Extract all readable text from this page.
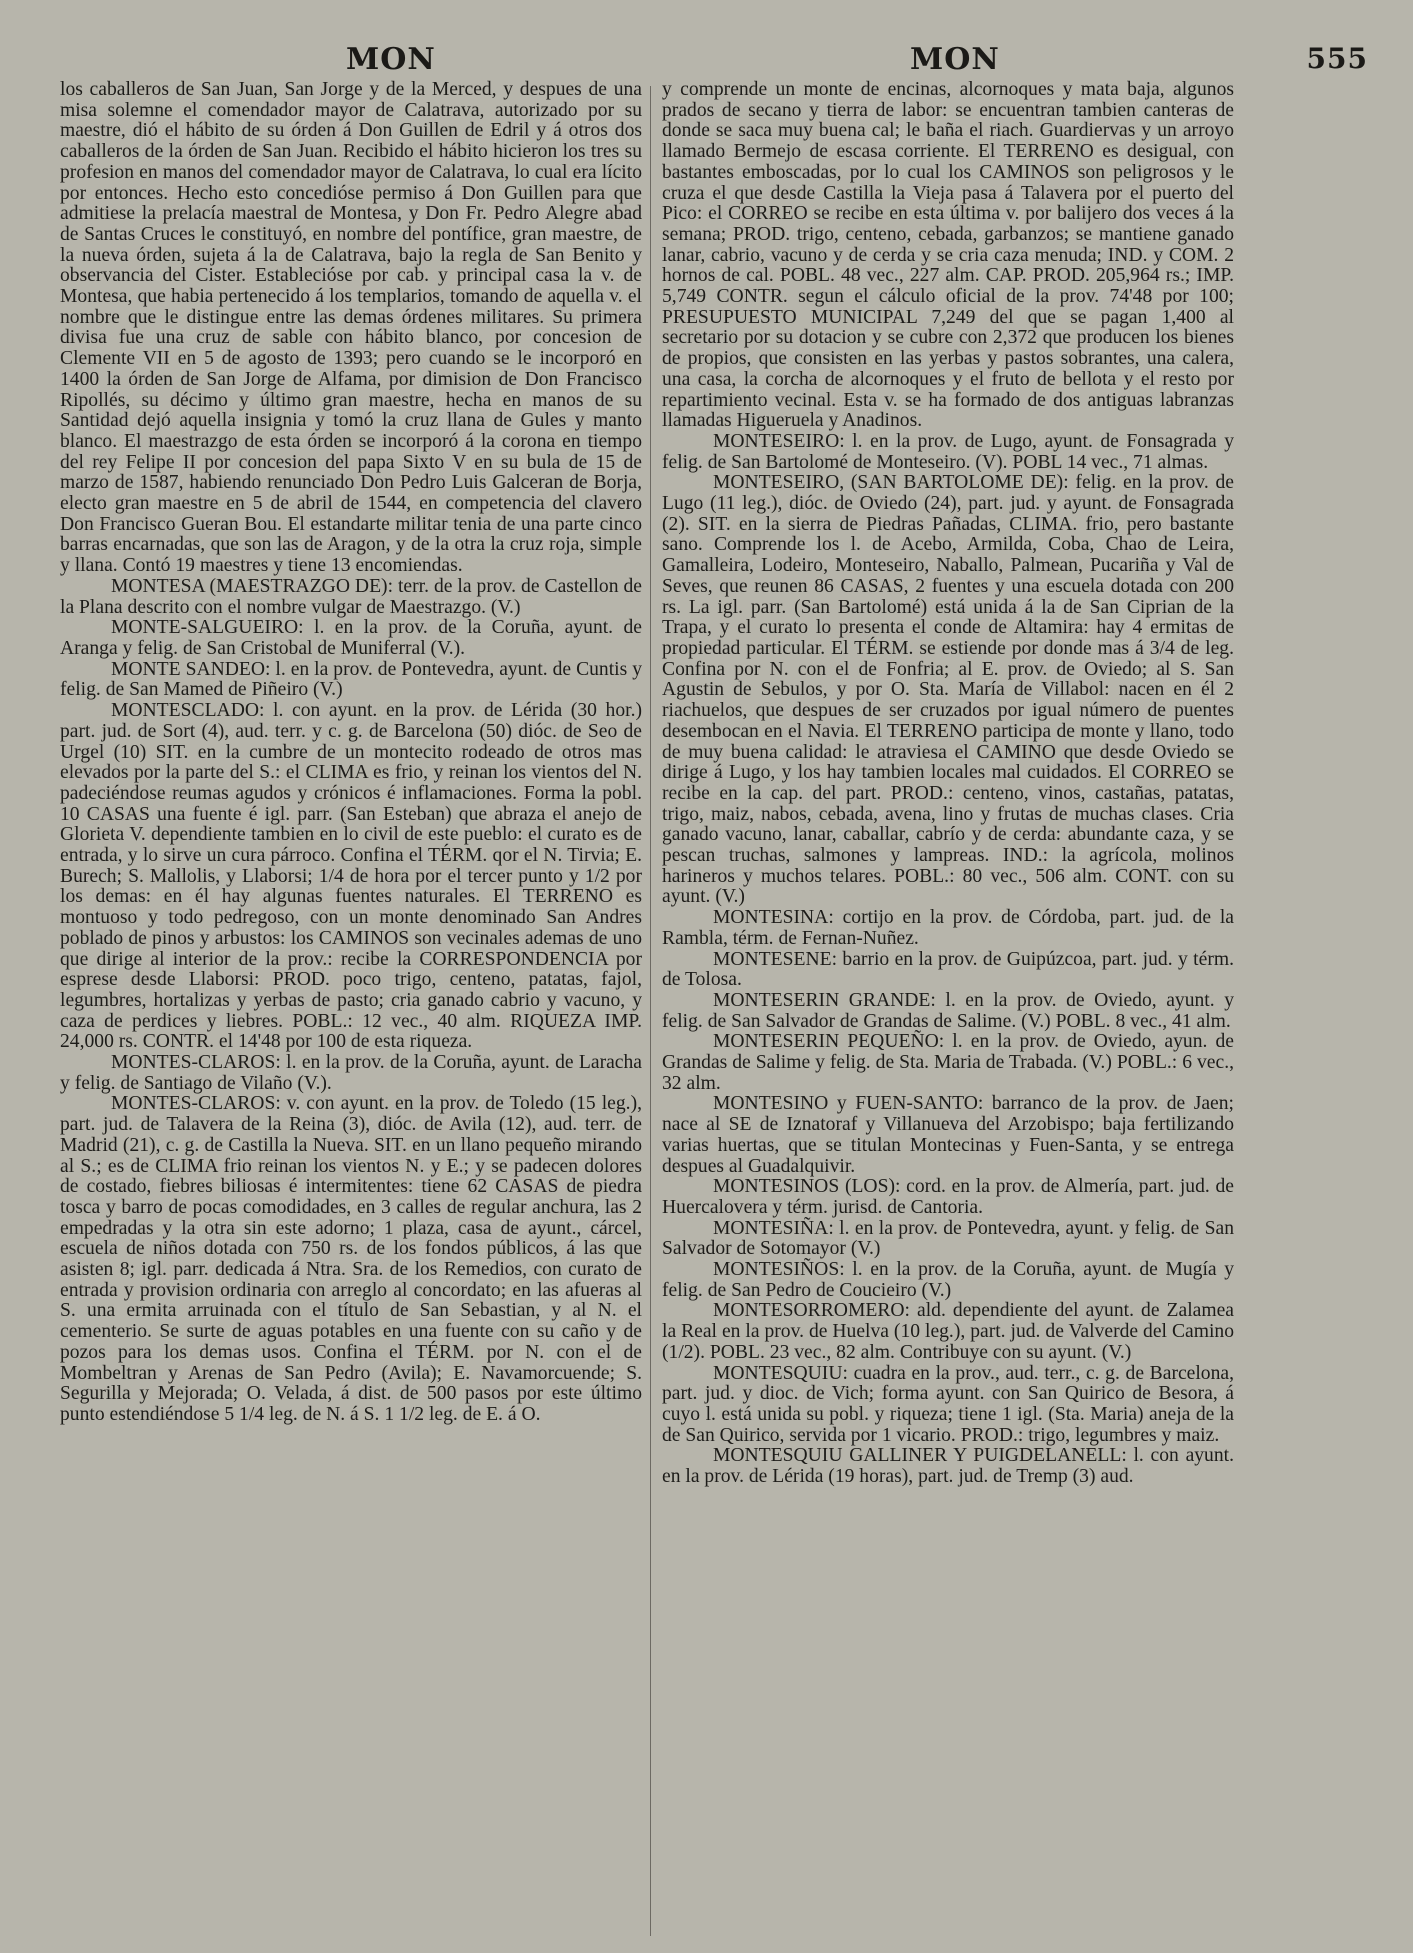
MON	MON	555

los caballeros de San Juan, San Jorge y de la Merced, y despues de una misa solemne el comendador mayor de Calatrava, autorizado por su maestre, dió el hábito de su órden á Don Guillen de Edril y á otros dos caballeros de la órden de San Juan. Recibido el hábito hicieron los tres su profesion en manos del comendador mayor de Calatrava, lo cual era lícito por entonces. Hecho esto concedióse permiso á Don Guillen para que admitiese la prelacía maestral de Montesa, y Don Fr. Pedro Alegre abad de Santas Cruces le constituyó, en nombre del pontífice, gran maestre, de la nueva órden, sujeta á la de Calatrava, bajo la regla de San Benito y observancia del Cister. Establecióse por cab. y principal casa la v. de Montesa, que habia pertenecido á los templarios, tomando de aquella v. el nombre que le distingue entre las demas órdenes militares. Su primera divisa fue una cruz de sable con hábito blanco, por concesion de Clemente VII en 5 de agosto de 1393; pero cuando se le incorporó en 1400 la órden de San Jorge de Alfama, por dimision de Don Francisco Ripollés, su décimo y último gran maestre, hecha en manos de su Santidad dejó aquella insignia y tomó la cruz llana de Gules y manto blanco. El maestrazgo de esta órden se incorporó á la corona en tiempo del rey Felipe II por concesion del papa Sixto V en su bula de 15 de marzo de 1587, habiendo renunciado Don Pedro Luis Galceran de Borja, electo gran maestre en 5 de abril de 1544, en competencia del clavero Don Francisco Gueran Bou. El estandarte militar tenia de una parte cinco barras encarnadas, que son las de Aragon, y de la otra la cruz roja, simple y llana. Contó 19 maestres y tiene 13 encomiendas.

MONTESA (MAESTRAZGO DE): terr. de la prov. de Castellon de la Plana descrito con el nombre vulgar de Maestrazgo. (V.)

MONTE-SALGUEIRO: l. en la prov. de la Coruña, ayunt. de Aranga y felig. de San Cristobal de Muniferral (V.).

MONTE SANDEO: l. en la prov. de Pontevedra, ayunt. de Cuntis y felig. de San Mamed de Piñeiro (V.)

MONTESCLADO: l. con ayunt. en la prov. de Lérida (30 hor.) part. jud. de Sort (4), aud. terr. y c. g. de Barcelona (50) dióc. de Seo de Urgel (10) SIT. en la cumbre de un montecito rodeado de otros mas elevados por la parte del S.: el CLIMA es frio, y reinan los vientos del N. padeciéndose reumas agudos y crónicos é inflamaciones. Forma la pobl. 10 CASAS una fuente é igl. parr. (San Esteban) que abraza el anejo de Glorieta V. dependiente tambien en lo civil de este pueblo: el curato es de entrada, y lo sirve un cura párroco. Confina el TÉRM. qor el N. Tirvia; E. Burech; S. Mallolis, y Llaborsi; 1/4 de hora por el tercer punto y 1/2 por los demas: en él hay algunas fuentes naturales. El TERRENO es montuoso y todo pedregoso, con un monte denominado San Andres poblado de pinos y arbustos: los CAMINOS son vecinales ademas de uno que dirige al interior de la prov.: recibe la CORRESPONDENCIA por esprese desde Llaborsi: PROD. poco trigo, centeno, patatas, fajol, legumbres, hortalizas y yerbas de pasto; cria ganado cabrio y vacuno, y caza de perdices y liebres. POBL.: 12 vec., 40 alm. RIQUEZA IMP. 24,000 rs. CONTR. el 14'48 por 100 de esta riqueza.

MONTES-CLAROS: l. en la prov. de la Coruña, ayunt. de Laracha y felig. de Santiago de Vilaño (V.).

MONTES-CLAROS: v. con ayunt. en la prov. de Toledo (15 leg.), part. jud. de Talavera de la Reina (3), dióc. de Avila (12), aud. terr. de Madrid (21), c. g. de Castilla la Nueva. SIT. en un llano pequeño mirando al S.; es de CLIMA frio reinan los vientos N. y E.; y se padecen dolores de costado, fiebres biliosas é intermitentes: tiene 62 CASAS de piedra tosca y barro de pocas comodidades, en 3 calles de regular anchura, las 2 empedradas y la otra sin este adorno; 1 plaza, casa de ayunt., cárcel, escuela de niños dotada con 750 rs. de los fondos públicos, á las que asisten 8; igl. parr. dedicada á Ntra. Sra. de los Remedios, con curato de entrada y provision ordinaria con arreglo al concordato; en las afueras al S. una ermita arruinada con el título de San Sebastian, y al N. el cementerio. Se surte de aguas potables en una fuente con su caño y de pozos para los demas usos. Confina el TÉRM. por N. con el de Mombeltran y Arenas de San Pedro (Avila); E. Navamorcuende; S. Segurilla y Mejorada; O. Velada, á dist. de 500 pasos por este último punto estendiéndose 5 1/4 leg. de N. á S. 1 1/2 leg. de E. á O.

y comprende un monte de encinas, alcornoques y mata baja, algunos prados de secano y tierra de labor: se encuentran tambien canteras de donde se saca muy buena cal; le baña el riach. Guardiervas y un arroyo llamado Bermejo de escasa corriente. El TERRENO es desigual, con bastantes emboscadas, por lo cual los CAMINOS son peligrosos y le cruza el que desde Castilla la Vieja pasa á Talavera por el puerto del Pico: el CORREO se recibe en esta última v. por balijero dos veces á la semana; PROD. trigo, centeno, cebada, garbanzos; se mantiene ganado lanar, cabrio, vacuno y de cerda y se cria caza menuda; IND. y COM. 2 hornos de cal. POBL. 48 vec., 227 alm. CAP. PROD. 205,964 rs.; IMP. 5,749 CONTR. segun el cálculo oficial de la prov. 74'48 por 100; PRESUPUESTO MUNICIPAL 7,249 del que se pagan 1,400 al secretario por su dotacion y se cubre con 2,372 que producen los bienes de propios, que consisten en las yerbas y pastos sobrantes, una calera, una casa, la corcha de alcornoques y el fruto de bellota y el resto por repartimiento vecinal. Esta v. se ha formado de dos antiguas labranzas llamadas Higueruela y Anadinos.

MONTESEIRO: l. en la prov. de Lugo, ayunt. de Fonsagrada y felig. de San Bartolomé de Monteseiro. (V). POBL 14 vec., 71 almas.

MONTESEIRO, (SAN BARTOLOME DE): felig. en la prov. de Lugo (11 leg.), dióc. de Oviedo (24), part. jud. y ayunt. de Fonsagrada (2). SIT. en la sierra de Piedras Pañadas, CLIMA. frio, pero bastante sano. Comprende los l. de Acebo, Armilda, Coba, Chao de Leira, Gamalleira, Lodeiro, Monteseiro, Naballo, Palmean, Pucariña y Val de Seves, que reunen 86 CASAS, 2 fuentes y una escuela dotada con 200 rs. La igl. parr. (San Bartolomé) está unida á la de San Ciprian de la Trapa, y el curato lo presenta el conde de Altamira: hay 4 ermitas de propiedad particular. El TÉRM. se estiende por donde mas á 3/4 de leg. Confina por N. con el de Fonfria; al E. prov. de Oviedo; al S. San Agustin de Sebulos, y por O. Sta. María de Villabol: nacen en él 2 riachuelos, que despues de ser cruzados por igual número de puentes desembocan en el Navia. El TERRENO participa de monte y llano, todo de muy buena calidad: le atraviesa el CAMINO que desde Oviedo se dirige á Lugo, y los hay tambien locales mal cuidados. El CORREO se recibe en la cap. del part. PROD.: centeno, vinos, castañas, patatas, trigo, maiz, nabos, cebada, avena, lino y frutas de muchas clases. Cria ganado vacuno, lanar, caballar, cabrío y de cerda: abundante caza, y se pescan truchas, salmones y lampreas. IND.: la agrícola, molinos harineros y muchos telares. POBL.: 80 vec., 506 alm. CONT. con su ayunt. (V.)

MONTESINA: cortijo en la prov. de Córdoba, part. jud. de la Rambla, térm. de Fernan-Nuñez.

MONTESENE: barrio en la prov. de Guipúzcoa, part. jud. y térm. de Tolosa.

MONTESERIN GRANDE: l. en la prov. de Oviedo, ayunt. y felig. de San Salvador de Grandas de Salime. (V.) POBL. 8 vec., 41 alm.

MONTESERIN PEQUEÑO: l. en la prov. de Oviedo, ayun. de Grandas de Salime y felig. de Sta. Maria de Trabada. (V.) POBL.: 6 vec., 32 alm.

MONTESINO y FUEN-SANTO: barranco de la prov. de Jaen; nace al SE de Iznatoraf y Villanueva del Arzobispo; baja fertilizando varias huertas, que se titulan Montecinas y Fuen-Santa, y se entrega despues al Guadalquivir.

MONTESINOS (LOS): cord. en la prov. de Almería, part. jud. de Huercalovera y térm. jurisd. de Cantoria.

MONTESIÑA: l. en la prov. de Pontevedra, ayunt. y felig. de San Salvador de Sotomayor (V.)

MONTESIÑOS: l. en la prov. de la Coruña, ayunt. de Mugía y felig. de San Pedro de Coucieiro (V.)

MONTESORROMERO: ald. dependiente del ayunt. de Zalamea la Real en la prov. de Huelva (10 leg.), part. jud. de Valverde del Camino (1/2). POBL. 23 vec., 82 alm. Contribuye con su ayunt. (V.)

MONTESQUIU: cuadra en la prov., aud. terr., c. g. de Barcelona, part. jud. y dioc. de Vich; forma ayunt. con San Quirico de Besora, á cuyo l. está unida su pobl. y riqueza; tiene 1 igl. (Sta. Maria) aneja de la de San Quirico, servida por 1 vicario. PROD.: trigo, legumbres y maiz.

MONTESQUIU GALLINER Y PUIGDELANELL: l. con ayunt. en la prov. de Lérida (19 horas), part. jud. de Tremp (3) aud.
